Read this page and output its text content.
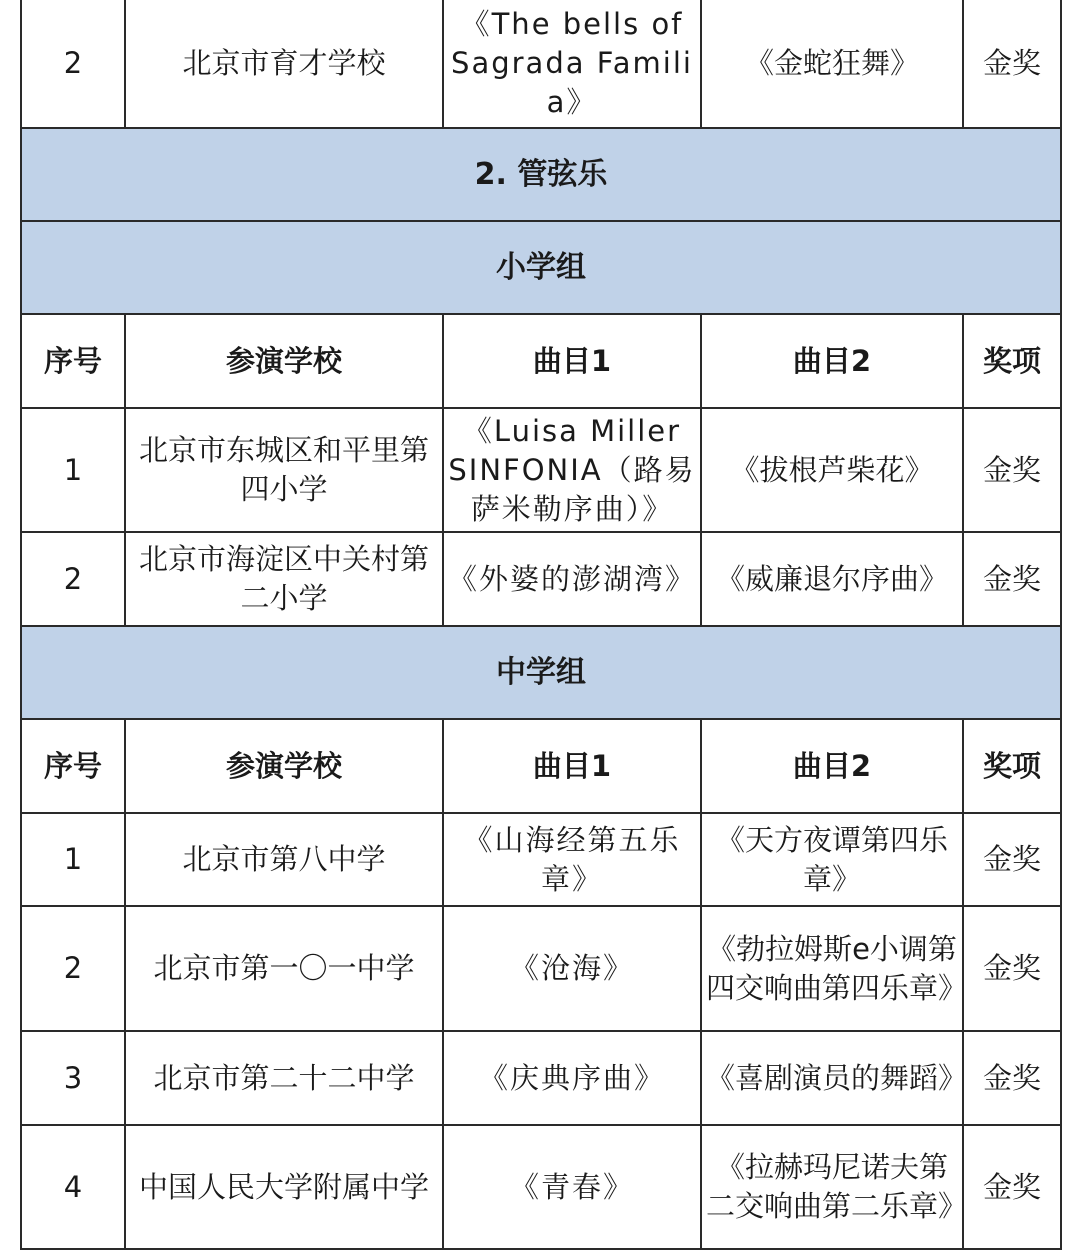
2	北京市育才学校	《The bells of Sagrada Familia》	《金蛇狂舞》	金奖
2. 管弦乐				
小学组				
序号	参演学校	曲目1	曲目2	奖项
1	北京市东城区和平里第四小学	《Luisa Miller SINFONIA（路易萨米勒序曲）》	《拔根芦柴花》	金奖
2	北京市海淀区中关村第二小学	《外婆的澎湖湾》	《威廉退尔序曲》	金奖
中学组				
序号	参演学校	曲目1	曲目2	奖项
1	北京市第八中学	《山海经第五乐章》	《天方夜谭第四乐章》	金奖
2	北京市第一〇一中学	《沧海》	《勃拉姆斯e小调第四交响曲第四乐章》	金奖
3	北京市第二十二中学	《庆典序曲》	《喜剧演员的舞蹈》	金奖
4	中国人民大学附属中学	《青春》	《拉赫玛尼诺夫第二交响曲第二乐章》	金奖
